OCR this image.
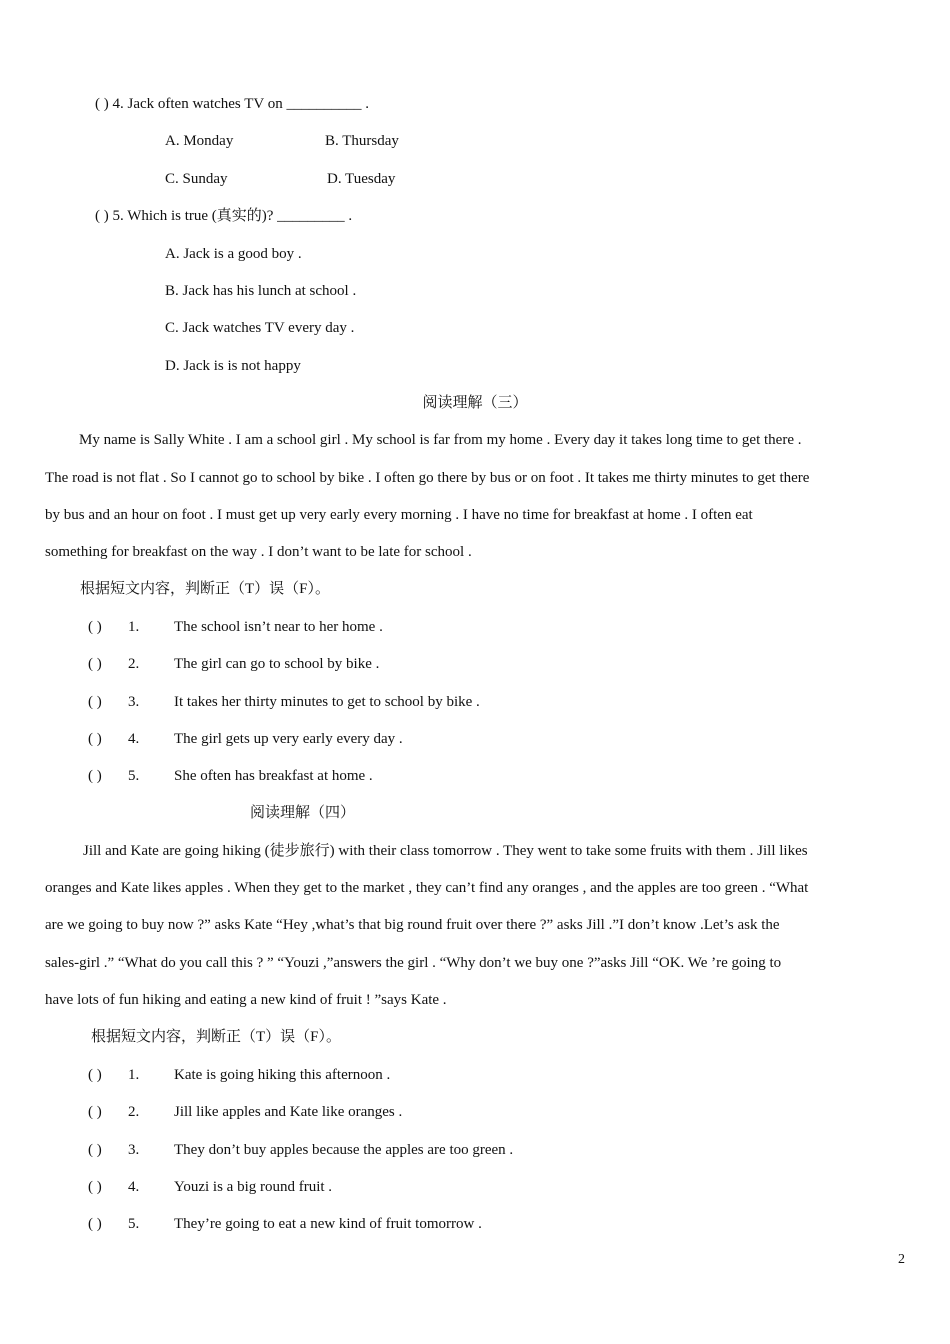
( ) 4. Jack often watches TV on __________ .
A. Monday	B. Thursday
C. Sunday	D. Tuesday
( ) 5. Which is true (真实的)? _________ .
A. Jack is a good boy .
B. Jack has his lunch at school .
C. Jack watches TV every day .
D. Jack is is not happy
阅读理解（三）
My name is Sally White . I am a school girl . My school is far from my home . Every day it takes long time to get there .
The road is not flat . So I cannot go to school by bike . I often go there by bus or on foot . It takes me thirty minutes to get there
by bus and an hour on foot . I must get up very early every morning . I have no time for breakfast at home . I often eat
something for breakfast on the way . I don’t want to be late for school .
根据短文内容，判断正（T）误（F）。
( ) 1. The school isn’t near to her home .
( ) 2. The girl can go to school by bike .
( ) 3. It takes her thirty minutes to get to school by bike .
( ) 4. The girl gets up very early every day .
( ) 5. She often has breakfast at home .
阅读理解（四）
Jill and Kate are going hiking (徒步旅行) with their class tomorrow . They went to take some fruits with them . Jill likes
oranges and Kate likes apples . When they get to the market , they can’t find any oranges , and the apples are too green . “What
are we going to buy now ?” asks Kate “Hey ,what’s that big round fruit over there ?” asks Jill .”I don’t know .Let’s ask the
sales-girl .” “What do you call this ? ” “Youzi ,”answers the girl . “Why don’t we buy one ?”asks Jill “OK. We ’re going to
have lots of fun hiking and eating a new kind of fruit ! ”says Kate .
根据短文内容，判断正（T）误（F）。
( ) 1. Kate is going hiking this afternoon .
( ) 2. Jill like apples and Kate like oranges .
( ) 3. They don’t buy apples because the apples are too green .
( ) 4. Youzi is a big round fruit .
( ) 5. They’re going to eat a new kind of fruit tomorrow .
2
